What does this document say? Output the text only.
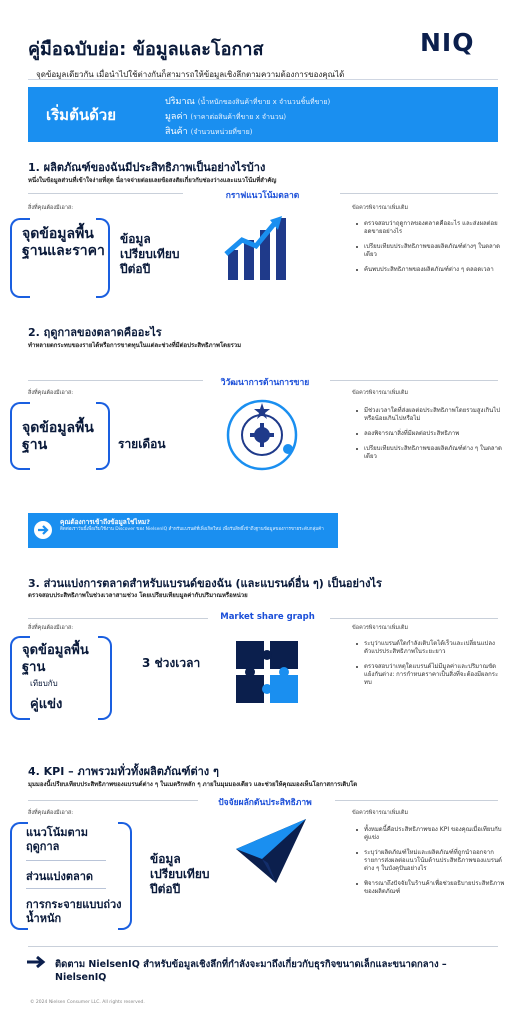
คู่มือฉบับย่อ: ข้อมูลและโอกาส	NIQ
จุดข้อมูลเดียวกัน เมื่อนำไปใช้ต่างกันก็สามารถให้ข้อมูลเชิงลึกตามความต้องการของคุณได้
เริ่มต้นด้วย
ปริมาณ (น้ำหนักของสินค้าที่ขาย x จำนวนชิ้นที่ขาย)
มูลค่า (ราคาต่อสินค้าที่ขาย x จำนวน)
สินค้า (จำนวนหน่วยที่ขาย)
1. ผลิตภัณฑ์ของฉันมีประสิทธิภาพเป็นอย่างไรบ้าง
หนึ่งในข้อมูลส่วนที่เข้าใจง่ายที่สุด นี่อาจจ่ายต่อยเลยข้อสงสัยเกี่ยวกับช่องว่างและแนวโน้มที่สำคัญ
กราฟแนวโน้มตลาด
สิ่งที่คุณต้องมีเอาส:	ข้อควรพิจารณาเพิ่มเติม
จุดข้อมูลพื้นฐานและราคา
ข้อมูลเปรียบเทียบปีต่อปี
ตรวจสอบว่าฤดูกาลของตลาดคืออะไร และส่งผลต่อยอดขายอย่างไร
เปรียบเทียบประสิทธิภาพของผลิตภัณฑ์ต่างๆ ในตลาดเดียว
ค้นพบประสิทธิภาพของผลิตภัณฑ์ต่าง ๆ ตลอดเวลา
2. ฤดูกาลของตลาดคืออะไร
ทำหลายตกระทบของรายได้หรือการขาดทุนในแต่ละช่วงที่มีต่อประสิทธิภาพโดยรวม
วิวัฒนาการด้านการขาย
สิ่งที่คุณต้องมีเอาส:	ข้อควรพิจารณาเพิ่มเติม
จุดข้อมูลพื้นฐาน	รายเดือน
มีช่วงเวลาใดที่ส่งผลต่อประสิทธิภาพโดยรวมสูงเกินไปหรือน้อยเกินไปหรือไม่
ลองพิจารณาสิ่งที่มีผลต่อประสิทธิภาพ
เปรียบเทียบประสิทธิภาพของผลิตภัณฑ์ต่าง ๆ ในตลาดเดียว
คุณต้องการเข้าถึงข้อมูลใช่ไหม?
ติดต่อเราวันนี้เพื่อเริ่มใช้งาน Discover ของ NielsenIQ สำหรับแบรนด์ที่เพิ่งเกิดใหม่ เพื่อรับสิทธิ์เข้าถึงฐานข้อมูลของการขายระดับกลุ่มค้า
3. ส่วนแบ่งการตลาดสำหรับแบรนด์ของฉัน (และแบรนด์อื่น ๆ) เป็นอย่างไร
ตรวจสอบประสิทธิภาพในช่วงเวลาสามช่วง โดยเปรียบเทียบมูลค่ากับปริมาณหรือหน่วย
Market share graph
สิ่งที่คุณต้องมีเอาส:	ข้อควรพิจารณาเพิ่มเติม
จุดข้อมูลพื้นฐาน
เทียบกับ
คู่แข่ง
3 ช่วงเวลา
ระบุว่าแบรนด์ใดกำลังเติบโตได้เร็วและเปลี่ยนแปลงตัวแปรประสิทธิภาพในระยะยาว
ตรวจสอบว่าเหตุใดแบรนด์ไม่มีมูลค่าและปริมาณขัดแย้งกันต่าง: การกำหนดราคาเป็นสิ่งที่จะต้องมีผลกระทบ
4. KPI – ภาพรวมทั่วทั้งผลิตภัณฑ์ต่าง ๆ
มุมมองนี้เปรียบเทียบประสิทธิภาพของแบรนด์ต่าง ๆ ในเมตริกหลัก ๆ ภายในมุมมองเดียว และช่วยให้คุณมองเห็นโอกาสการเติบโต
ปัจจัยผลักดันประสิทธิภาพ
สิ่งที่คุณต้องมีเอาส:	ข้อควรพิจารณาเพิ่มเติม
แนวโน้มตามฤดูกาล
ส่วนแบ่งตลาด
การกระจายแบบถ่วงน้ำหนัก
ข้อมูลเปรียบเทียบปีต่อปี
ทั้งหมดนี้คือประสิทธิภาพของ KPI ของคุณเมื่อเทียบกับคู่แข่ง
ระบุว่าผลิตภัณฑ์ใหม่และผลิตภัณฑ์ที่ถูกนำออกจากรายการส่งผลต่อแนวโน้มด้านประสิทธิภาพของแบรนด์ต่าง ๆ ในบังคุปันอย่างไร
พิจารณาถึงปัจจัยในร้านค้าเพื่อช่วยอธิบายประสิทธิภาพของผลิตภัณฑ์
ติดตาม NielsenIQ สำหรับข้อมูลเชิงลึกที่กำลังจะมาถึงเกี่ยวกับธุรกิจขนาดเล็กและขนาดกลาง – NielsenIQ
© 2024 Nielsen Consumer LLC. All rights reserved.
